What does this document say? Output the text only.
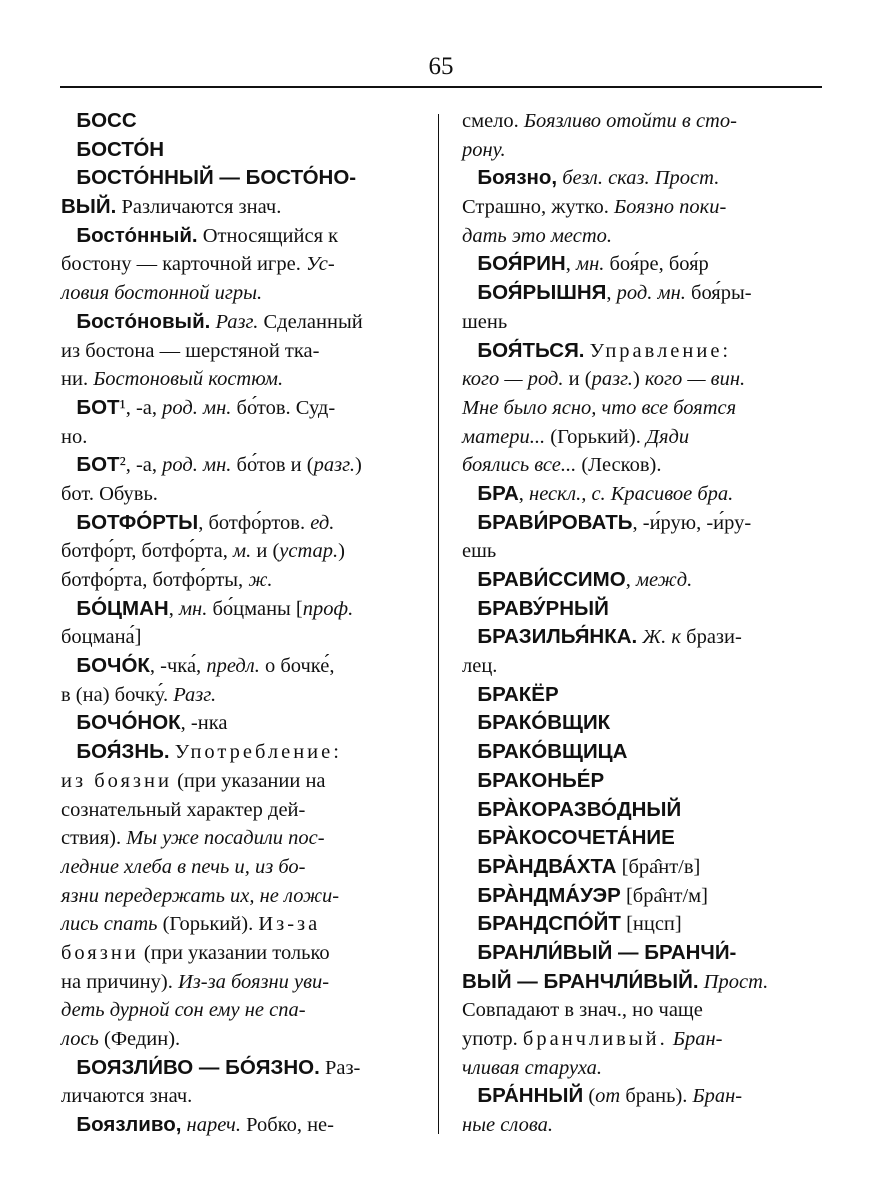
65
БОСС
БОСТО́Н
БОСТО́ННЫЙ — БОСТО́НО-
ВЫЙ. Различаются знач.
Босто́нный. Относящийся к
бостону — карточной игре. Ус-
ловия бостонной игры.
Босто́новый. Разг. Сделанный
из бостона — шерстяной тка-
ни. Бостоновый костюм.
БОТ¹, -а, род. мн. бо́тов. Суд-
но.
БОТ², -а, род. мн. бо́тов и (разг.)
бот. Обувь.
БОТФО́РТЫ, ботфо́ртов. ед.
ботфо́рт, ботфо́рта, м. и (устар.)
ботфо́рта, ботфо́рты, ж.
БО́ЦМАН, мн. бо́цманы [проф.
боцмана́]
БОЧО́К, -чка́, предл. о бочке́,
в (на) бочку́. Разг.
БОЧО́НОК, -нка
БОЯ́ЗНЬ. Употребление:
из боязни (при указании на
сознательный характер дей-
ствия). Мы уже посадили пос-
ледние хлеба в печь и, из бо-
язни передержать их, не ложи-
лись спать (Горький). Из-за
боязни (при указании только
на причину). Из-за боязни уви-
деть дурной сон ему не спа-
лось (Федин).
БОЯЗЛИ́ВО — БО́ЯЗНО. Раз-
личаются знач.
Боязливо, нареч. Робко, не-
смело. Боязливо отойти в сто-
рону.
Боязно, безл. сказ. Прост.
Страшно, жутко. Боязно поки-
дать это место.
БОЯ́РИН, мн. боя́ре, боя́р
БОЯ́РЫШНЯ, род. мн. боя́ры-
шень
БОЯ́ТЬСЯ. Управление:
кого — род. и (разг.) кого — вин.
Мне было ясно, что все боятся
матери... (Горький). Дяди
боялись все... (Лесков).
БРА, нескл., с. Красивое бра.
БРАВИ́РОВАТЬ, -и́рую, -и́ру-
ешь
БРАВИ́ССИМО, межд.
БРАВУ́РНЫЙ
БРАЗИЛЬЯ́НКА. Ж. к брази-
лец.
БРАКЁР
БРАКО́ВЩИК
БРАКО́ВЩИЦА
БРАКОНЬЕ́Р
БРА̀КОРАЗВО́ДНЫЙ
БРА̀КОСОЧЕТА́НИЕ
БРА̀НДВА́ХТА [бра̂нт/в]
БРА̀НДМА́УЭР [бра̂нт/м]
БРАНДСПО́ЙТ [нцсп]
БРАНЛИ́ВЫЙ — БРАНЧИ́-
ВЫЙ — БРАНЧЛИ́ВЫЙ. Прост.
Совпадают в знач., но чаще
употр. бранчливый. Бран-
чливая старуха.
БРА́ННЫЙ (от брань). Бран-
ные слова.
